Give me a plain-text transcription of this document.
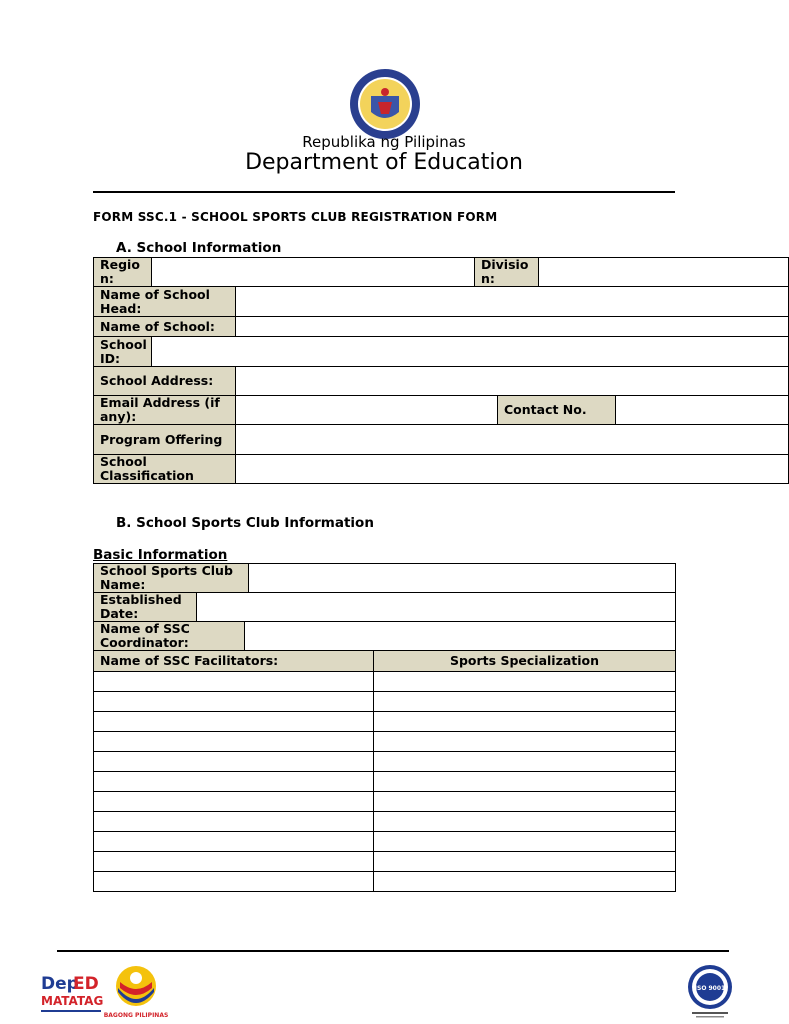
Republika ng Pilipinas
Department of Education
FORM SSC.1 - SCHOOL SPORTS CLUB REGISTRATION FORM
A. School Information
Regio n:			Divisio n:			
Name of School Head:						
Name of School:						
School ID:						
School Address:						
Email Address (if any):				Contact No.		
Program Offering						
School Classification						
B. School Sports Club Information
Basic Information
School Sports Club Name:				
Established Date:				
Name of SSC Coordinator:				
Name of SSC Facilitators:				Sports Specialization

Dep
ED
MATATAG
BAGONG PILIPINAS
ISO 9001
